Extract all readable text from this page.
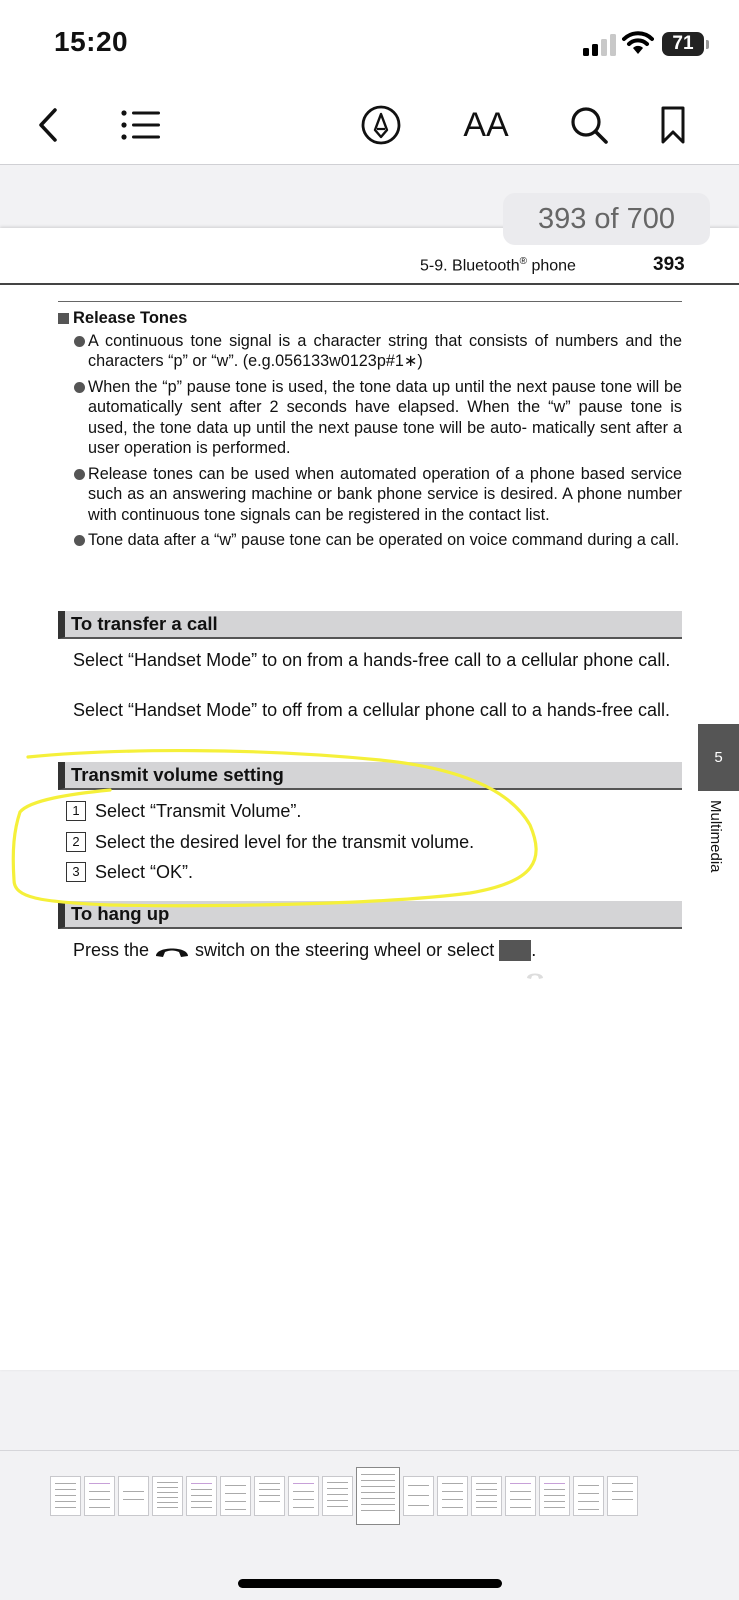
15:20	71
AA
393 of 700
5-9. Bluetooth® phone	393
Release Tones
A continuous tone signal is a character string that consists of numbers and the characters “p” or “w”. (e.g.056133w0123p#1∗)
When the “p” pause tone is used, the tone data up until the next pause tone will be automatically sent after 2 seconds have elapsed. When the “w” pause tone is used, the tone data up until the next pause tone will be auto- matically sent after a user operation is performed.
Release tones can be used when automated operation of a phone based service such as an answering machine or bank phone service is desired. A phone number with continuous tone signals can be registered in the contact list.
Tone data after a “w” pause tone can be operated on voice command during a call.
To transfer a call
Select “Handset Mode” to on from a hands-free call to a cellular phone call.
Select “Handset Mode” to off from a cellular phone call to a hands-free call.
Transmit volume setting
1 Select “Transmit Volume”.
2 Select the desired level for the transmit volume.
3 Select “OK”.
To hang up
Press the	switch on the steering wheel or select

.
5
Multimedia
